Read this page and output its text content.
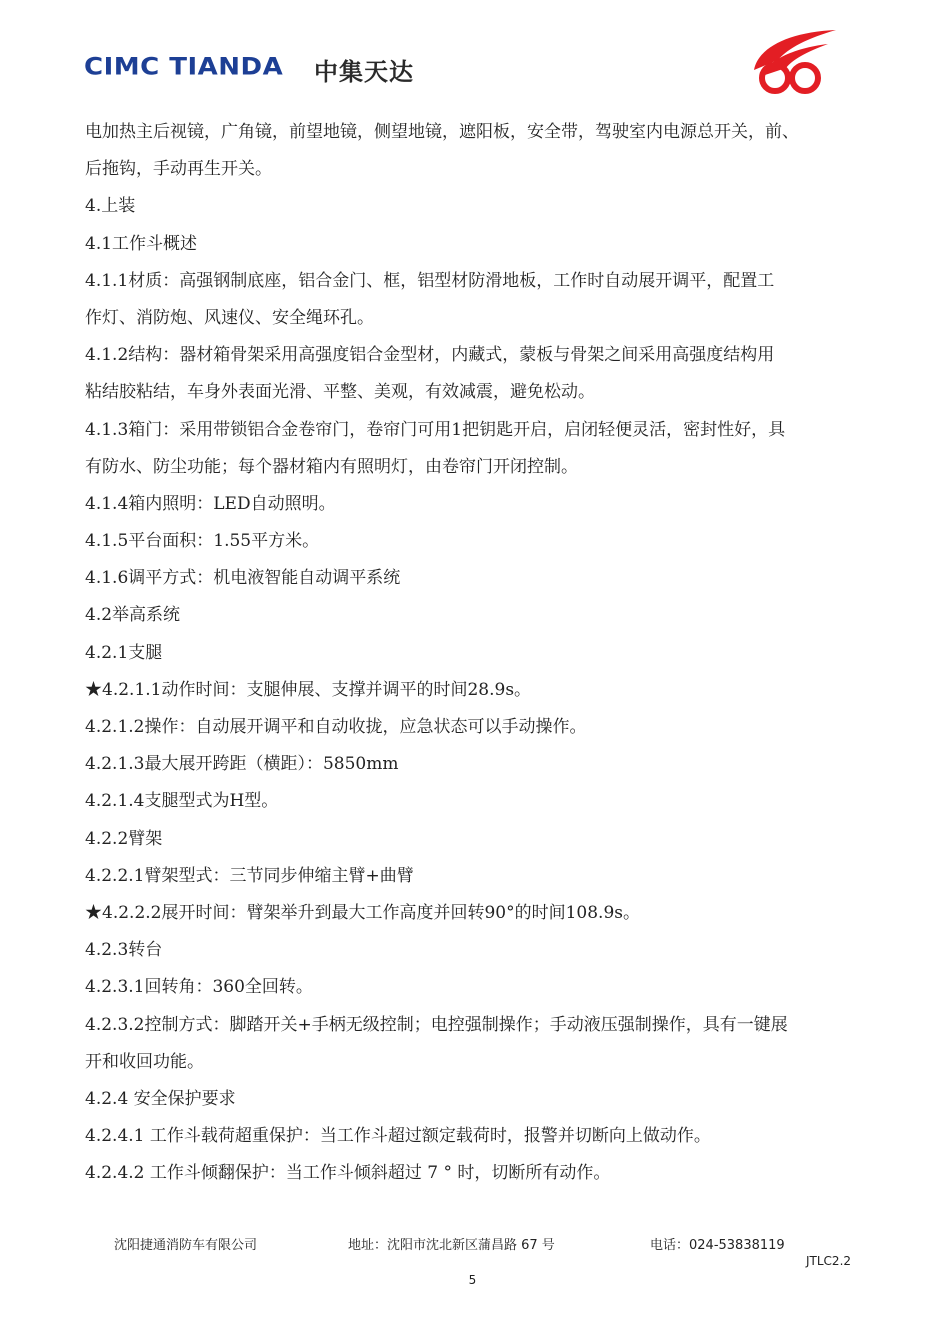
CIMC TIANDA 中集天达
电加热主后视镜，广角镜，前望地镜，侧望地镜，遮阳板，安全带，驾驶室内电源总开关，前、
后拖钩，手动再生开关。
4.上装
4.1工作斗概述
4.1.1材质：高强钢制底座，铝合金门、框，铝型材防滑地板，工作时自动展开调平，配置工
作灯、消防炮、风速仪、安全绳环孔。
4.1.2结构：器材箱骨架采用高强度铝合金型材，内藏式，蒙板与骨架之间采用高强度结构用
粘结胶粘结，车身外表面光滑、平整、美观，有效减震，避免松动。
4.1.3箱门：采用带锁铝合金卷帘门，卷帘门可用1把钥匙开启，启闭轻便灵活，密封性好，具
有防水、防尘功能；每个器材箱内有照明灯，由卷帘门开闭控制。
4.1.4箱内照明：LED自动照明。
4.1.5平台面积：1.55平方米。
4.1.6调平方式：机电液智能自动调平系统
4.2举高系统
4.2.1支腿
★4.2.1.1动作时间：支腿伸展、支撑并调平的时间28.9s。
4.2.1.2操作：自动展开调平和自动收拢，应急状态可以手动操作。
4.2.1.3最大展开跨距（横距）：5850mm
4.2.1.4支腿型式为H型。
4.2.2臂架
4.2.2.1臂架型式：三节同步伸缩主臂+曲臂
★4.2.2.2展开时间：臂架举升到最大工作高度并回转90°的时间108.9s。
4.2.3转台
4.2.3.1回转角：360全回转。
4.2.3.2控制方式：脚踏开关+手柄无级控制；电控强制操作；手动液压强制操作，具有一键展
开和收回功能。
4.2.4 安全保护要求
4.2.4.1 工作斗载荷超重保护：当工作斗超过额定载荷时，报警并切断向上做动作。
4.2.4.2 工作斗倾翻保护：当工作斗倾斜超过 7 ° 时，切断所有动作。
沈阳捷通消防车有限公司	地址：沈阳市沈北新区蒲昌路 67 号	电话：024-53838119
JTLC2.2
5
